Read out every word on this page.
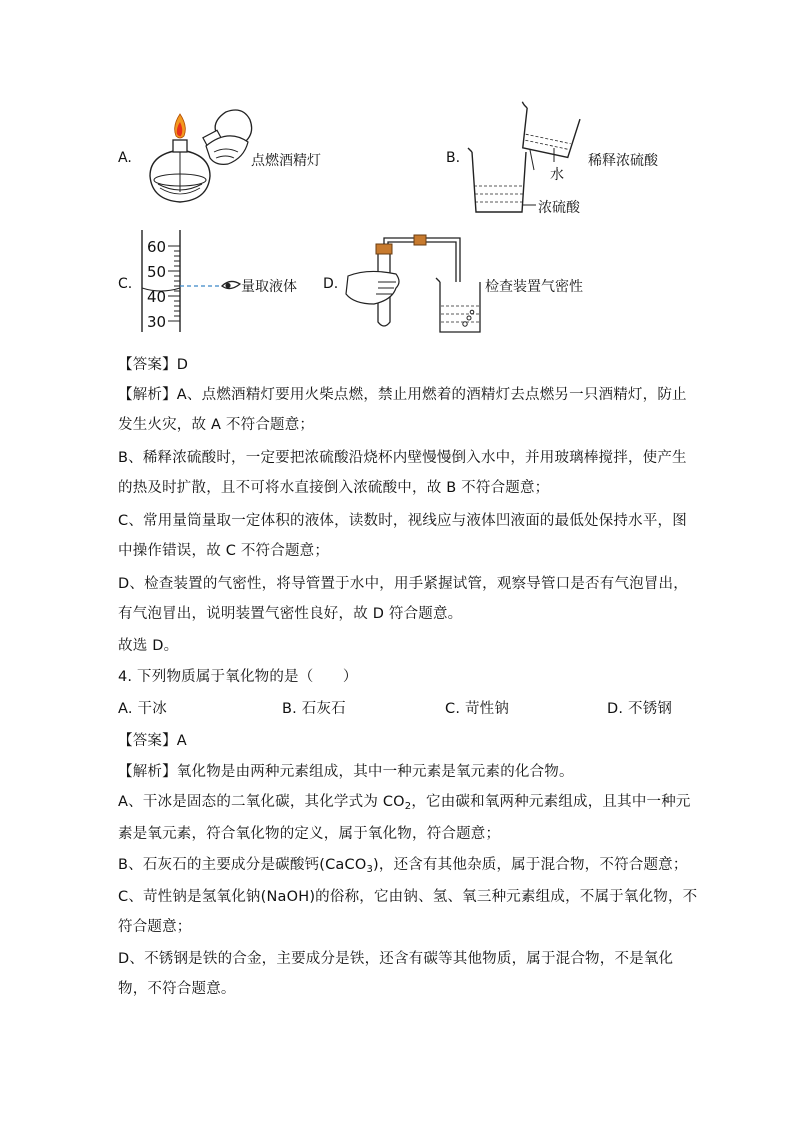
A.	点燃酒精灯	B.	稀释浓硫酸
水
浓硫酸
C.
60
50
40
30
量取液体 D.	检查装置气密性
【答案】D
【解析】A、点燃酒精灯要用火柴点燃，禁止用燃着的酒精灯去点燃另一只酒精灯，防止
发生火灾，故 A 不符合题意；
B、稀释浓硫酸时，一定要把浓硫酸沿烧杯内壁慢慢倒入水中，并用玻璃棒搅拌，使产生
的热及时扩散，且不可将水直接倒入浓硫酸中，故 B 不符合题意；
C、常用量筒量取一定体积的液体，读数时，视线应与液体凹液面的最低处保持水平，图
中操作错误，故 C 不符合题意；
D、检查装置的气密性，将导管置于水中，用手紧握试管，观察导管口是否有气泡冒出，
有气泡冒出，说明装置气密性良好，故 D 符合题意。
故选 D。
4. 下列物质属于氧化物的是（　　）
A. 干冰	B. 石灰石	C. 苛性钠	D. 不锈钢
【答案】A
【解析】氧化物是由两种元素组成，其中一种元素是氧元素的化合物。
A、干冰是固态的二氧化碳，其化学式为 $CO_2$，它由碳和氧两种元素组成，且其中一种元
素是氧元素，符合氧化物的定义，属于氧化物，符合题意；
B、石灰石的主要成分是碳酸钙(CaCO$_3$)，还含有其他杂质，属于混合物，不符合题意；
C、苛性钠是氢氧化钠(NaOH)的俗称，它由钠、氢、氧三种元素组成，不属于氧化物，不
符合题意；
D、不锈钢是铁的合金，主要成分是铁，还含有碳等其他物质，属于混合物，不是氧化
物，不符合题意。
